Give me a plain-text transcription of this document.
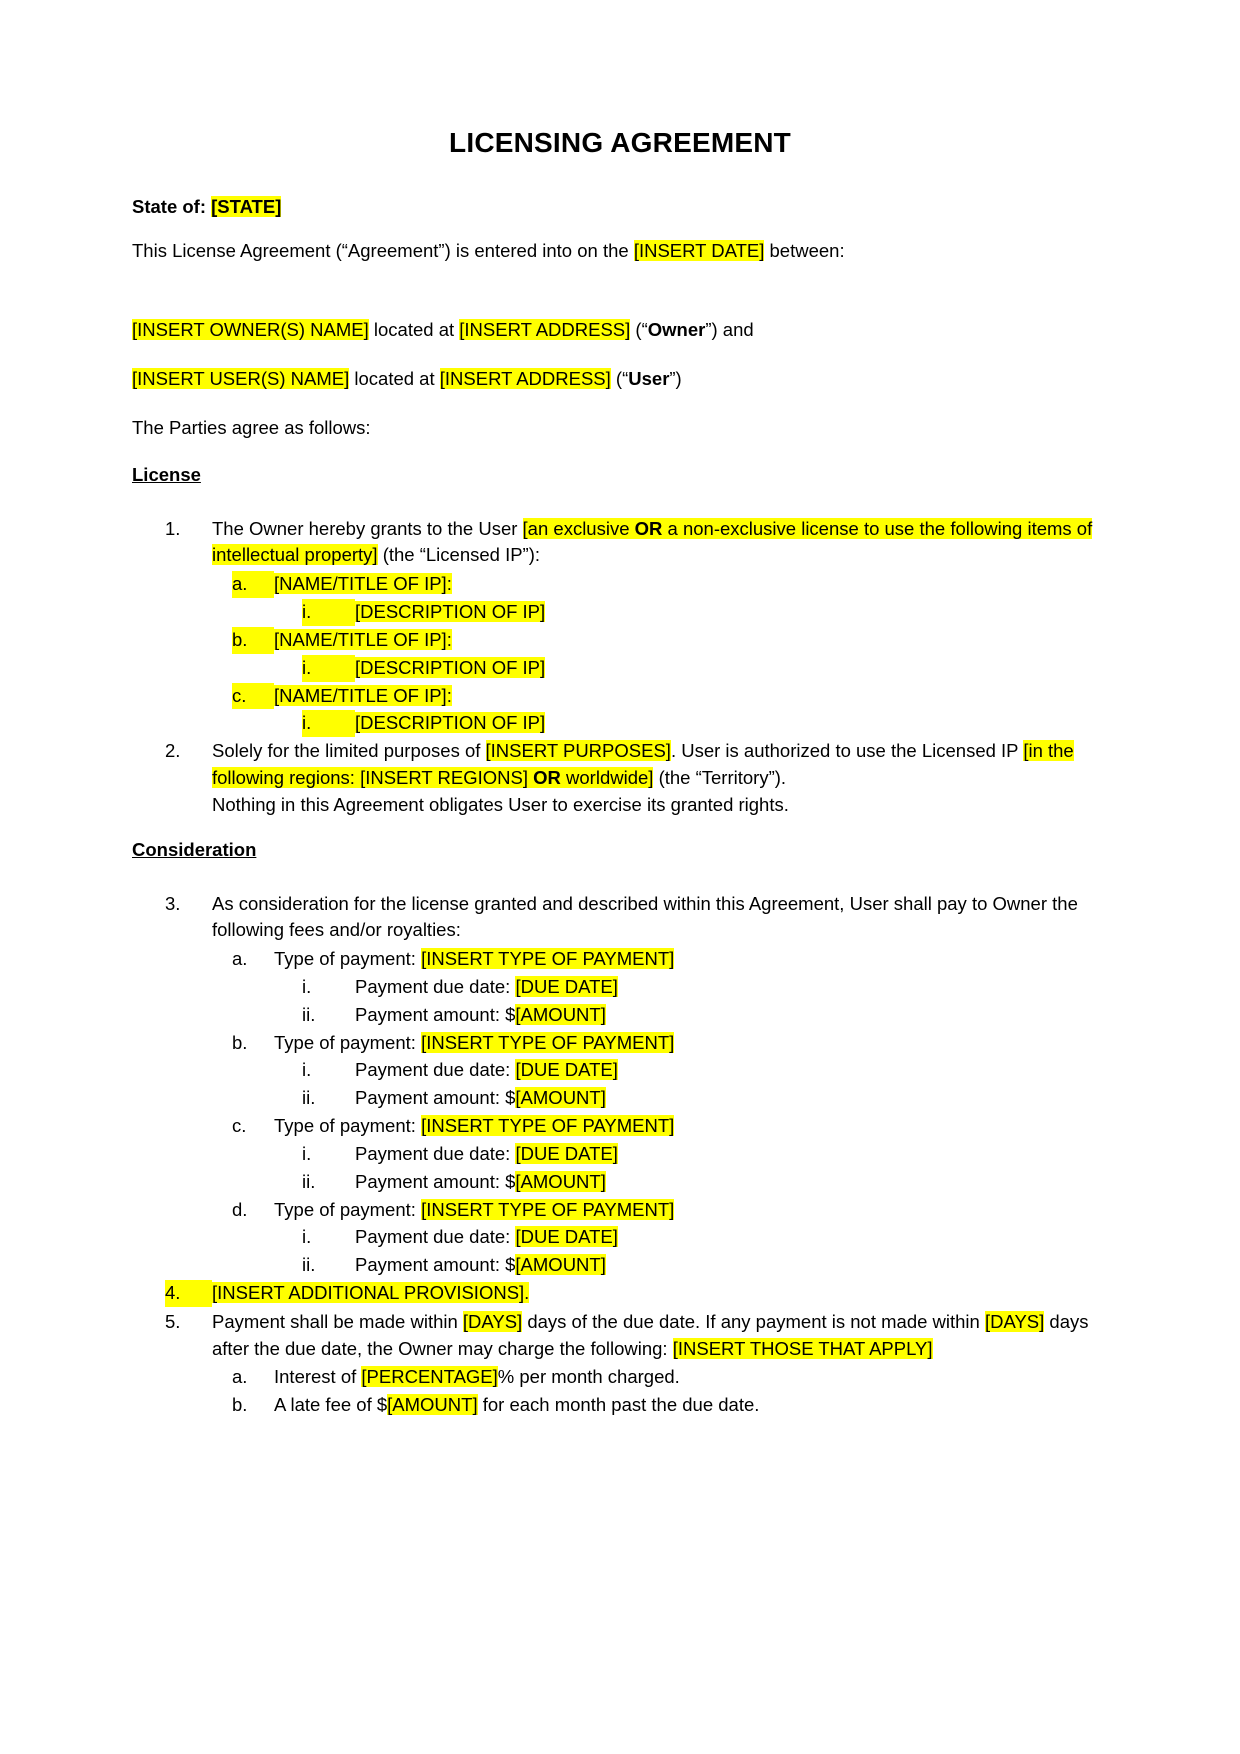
LICENSING AGREEMENT

State of: [STATE]

This License Agreement (“Agreement”) is entered into on the [INSERT DATE] between:

[INSERT OWNER(S) NAME] located at [INSERT ADDRESS] (“Owner”) and

[INSERT USER(S) NAME] located at [INSERT ADDRESS] (“User”)

The Parties agree as follows:

License
1.	The Owner hereby grants to the User [an exclusive OR a non-exclusive license to use the following items of intellectual property] (the “Licensed IP”):
a.	[NAME/TITLE OF IP]:
i.	[DESCRIPTION OF IP]
b.	[NAME/TITLE OF IP]:
i.	[DESCRIPTION OF IP]
c.	[NAME/TITLE OF IP]:
i.	[DESCRIPTION OF IP]
2.	Solely for the limited purposes of [INSERT PURPOSES]. User is authorized to use the Licensed IP [in the following regions: [INSERT REGIONS] OR worldwide] (the “Territory”).
Nothing in this Agreement obligates User to exercise its granted rights.
Consideration
3.	As consideration for the license granted and described within this Agreement, User shall pay to Owner the following fees and/or royalties:
a.	Type of payment: [INSERT TYPE OF PAYMENT]
i.	Payment due date: [DUE DATE]
ii.	Payment amount: $[AMOUNT]
b.	Type of payment: [INSERT TYPE OF PAYMENT]
i.	Payment due date: [DUE DATE]
ii.	Payment amount: $[AMOUNT]
c.	Type of payment: [INSERT TYPE OF PAYMENT]
i.	Payment due date: [DUE DATE]
ii.	Payment amount: $[AMOUNT]
d.	Type of payment: [INSERT TYPE OF PAYMENT]
i.	Payment due date: [DUE DATE]
ii.	Payment amount: $[AMOUNT]
4.	[INSERT ADDITIONAL PROVISIONS].
5.	Payment shall be made within [DAYS] days of the due date. If any payment is not made within [DAYS] days after the due date, the Owner may charge the following: [INSERT THOSE THAT APPLY]
a.	Interest of [PERCENTAGE]% per month charged.
b.	A late fee of $[AMOUNT] for each month past the due date.
